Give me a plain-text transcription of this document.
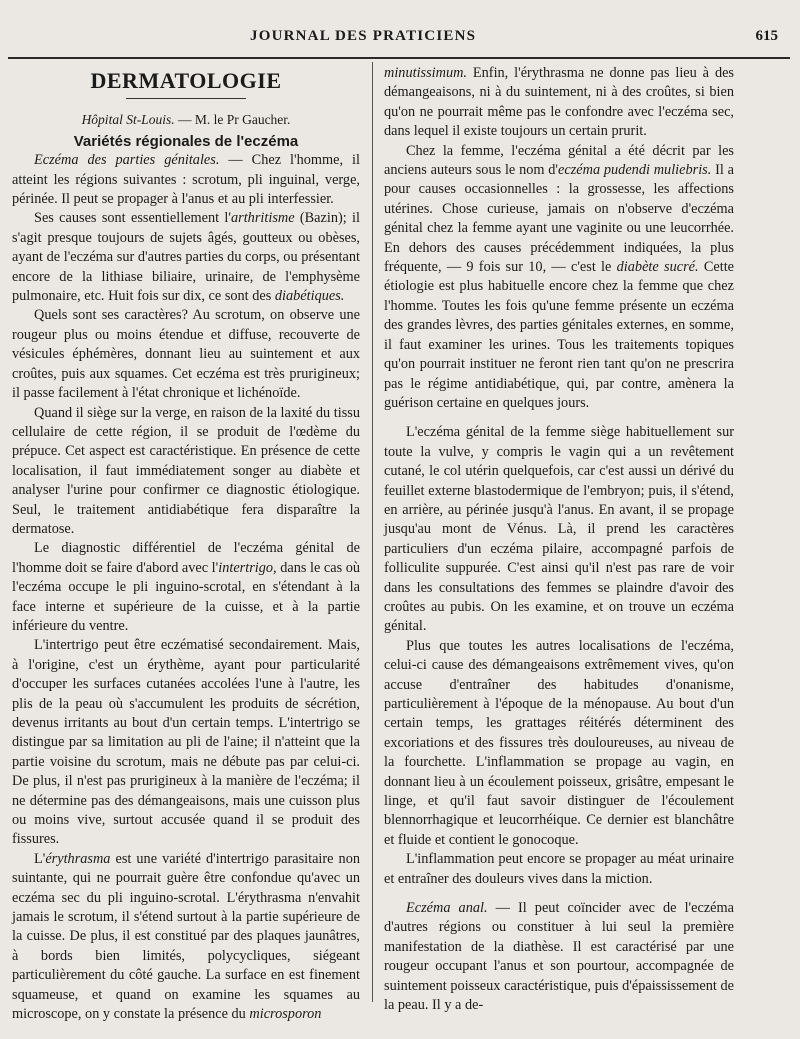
JOURNAL DES PRATICIENS	615
DERMATOLOGIE

Hôpital St-Louis. — M. le Pr Gaucher.

Variétés régionales de l'eczéma

Eczéma des parties génitales. — Chez l'homme, il atteint les régions suivantes : scrotum, pli inguinal, verge, périnée. Il peut se propager à l'anus et au pli interfessier.

Ses causes sont essentiellement l'arthritisme (Bazin); il s'agit presque toujours de sujets âgés, goutteux ou obèses, ayant de l'eczéma sur d'autres parties du corps, ou présentant encore de la lithiase biliaire, urinaire, de l'emphysème pulmonaire, etc. Huit fois sur dix, ce sont des diabétiques.

Quels sont ses caractères? Au scrotum, on observe une rougeur plus ou moins étendue et diffuse, recouverte de vésicules éphémères, donnant lieu au suintement et aux croûtes, puis aux squames. Cet eczéma est très prurigineux; il passe facilement à l'état chronique et lichénoïde.

Quand il siège sur la verge, en raison de la laxité du tissu cellulaire de cette région, il se produit de l'œdème du prépuce. Cet aspect est caractéristique. En présence de cette localisation, il faut immédiatement songer au diabète et analyser l'urine pour confirmer ce diagnostic étiologique. Seul, le traitement antidiabétique fera disparaître la dermatose.

Le diagnostic différentiel de l'eczéma génital de l'homme doit se faire d'abord avec l'intertrigo, dans le cas où l'eczéma occupe le pli inguino-scrotal, en s'étendant à la face interne et supérieure de la cuisse, et à la partie inférieure du ventre.

L'intertrigo peut être eczématisé secondairement. Mais, à l'origine, c'est un érythème, ayant pour particularité d'occuper les surfaces cutanées accolées l'une à l'autre, les plis de la peau où s'accumulent les produits de sécrétion, devenus irritants au bout d'un certain temps. L'intertrigo se distingue par sa limitation au pli de l'aine; il n'atteint que la partie voisine du scrotum, mais ne débute pas par celui-ci. De plus, il n'est pas prurigineux à la manière de l'eczéma; il ne détermine pas des démangeaisons, mais une cuisson plus ou moins vive, surtout accusée quand il se produit des fissures.

L'érythrasma est une variété d'intertrigo parasitaire non suintante, qui ne pourrait guère être confondue qu'avec un eczéma sec du pli inguino-scrotal. L'érythrasma n'envahit jamais le scrotum, il s'étend surtout à la partie supérieure de la cuisse. De plus, il est constitué par des plaques jaunâtres, à bords bien limités, polycycliques, siégeant particulièrement du côté gauche. La surface en est finement squameuse, et quand on examine les squames au microscope, on y constate la présence du microsporon

minutissimum. Enfin, l'érythrasma ne donne pas lieu à des démangeaisons, ni à du suintement, ni à des croûtes, si bien qu'on ne pourrait même pas le confondre avec l'eczéma sec, dans lequel il existe toujours un certain prurit.

Chez la femme, l'eczéma génital a été décrit par les anciens auteurs sous le nom d'eczéma pudendi muliebris. Il a pour causes occasionnelles : la grossesse, les affections utérines. Chose curieuse, jamais on n'observe d'eczéma génital chez la femme ayant une vaginite ou une leucorrhée. En dehors des causes précédemment indiquées, la plus fréquente, — 9 fois sur 10, — c'est le diabète sucré. Cette étiologie est plus habituelle encore chez la femme que chez l'homme. Toutes les fois qu'une femme présente un eczéma des grandes lèvres, des parties génitales externes, en somme, il faut examiner les urines. Tous les traitements topiques qu'on pourrait instituer ne feront rien tant qu'on ne prescrira pas le régime antidiabétique, qui, par contre, amènera la guérison certaine en quelques jours.

L'eczéma génital de la femme siège habituellement sur toute la vulve, y compris le vagin qui a un revêtement cutané, le col utérin quelquefois, car c'est aussi un dérivé du feuillet externe blastodermique de l'embryon; puis, il s'étend, en arrière, au périnée jusqu'à l'anus. En avant, il se propage jusqu'au mont de Vénus. Là, il prend les caractères particuliers d'un eczéma pilaire, accompagné parfois de folliculite suppurée. C'est ainsi qu'il n'est pas rare de voir dans les consultations des femmes se plaindre d'avoir des croûtes au pubis. On les examine, et on trouve un eczéma génital.

Plus que toutes les autres localisations de l'eczéma, celui-ci cause des démangeaisons extrêmement vives, qu'on accuse d'entraîner des habitudes d'onanisme, particulièrement à l'époque de la ménopause. Au bout d'un certain temps, les grattages réitérés déterminent des excoriations et des fissures très douloureuses, au niveau de la fourchette. L'inflammation se propage au vagin, en donnant lieu à un écoulement poisseux, grisâtre, empesant le linge, et qu'il faut savoir distinguer de l'écoulement blennorrhagique et leucorrhéique. Ce dernier est blanchâtre et fluide et contient le gonocoque.

L'inflammation peut encore se propager au méat urinaire et entraîner des douleurs vives dans la miction.

Eczéma anal. — Il peut coïncider avec de l'eczéma d'autres régions ou constituer à lui seul la première manifestation de la diathèse. Il est caractérisé par une rougeur occupant l'anus et son pourtour, accompagnée de suintement poisseux caractéristique, puis d'épaississement de la peau. Il y a de-
